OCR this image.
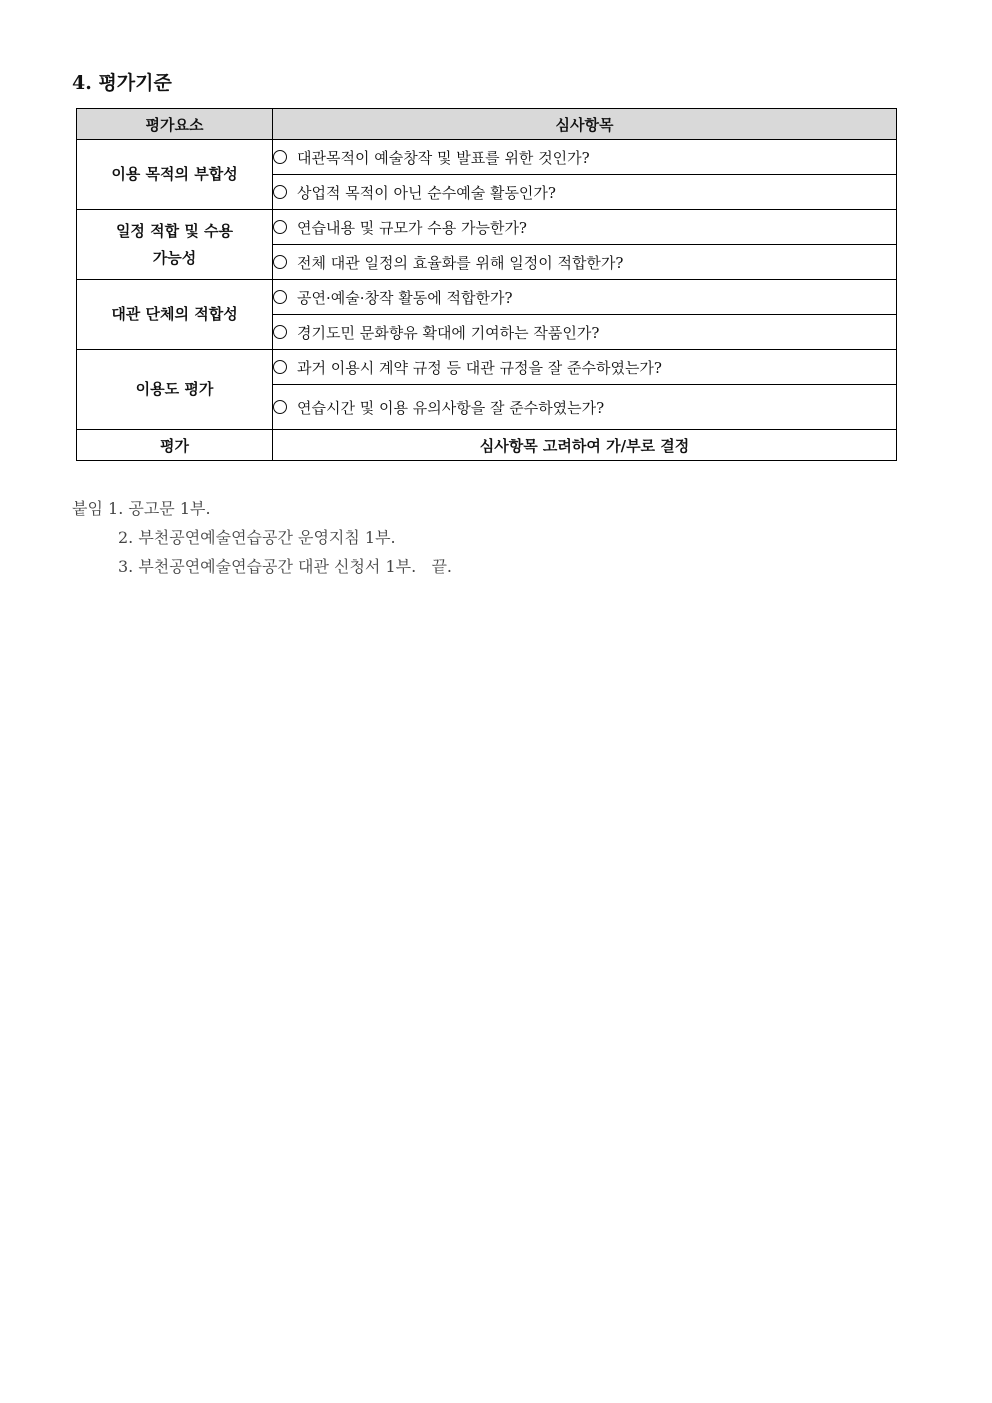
4. 평가기준
평가요소	심사항목
이용 목적의 부합성	대관목적이 예술창작 및 발표를 위한 것인가?
	상업적 목적이 아닌 순수예술 활동인가?
일정 적합 및 수용
가능성	연습내용 및 규모가 수용 가능한가?
	전체 대관 일정의 효율화를 위해 일정이 적합한가?
대관 단체의 적합성	공연·예술·창작 활동에 적합한가?
	경기도민 문화향유 확대에 기여하는 작품인가?
이용도 평가	과거 이용시 계약 규정 등 대관 규정을 잘 준수하였는가?
	연습시간 및 이용 유의사항을 잘 준수하였는가?
평가	심사항목 고려하여 가/부로 결정
붙임 1. 공고문 1부.
2. 부천공연예술연습공간 운영지침 1부.
3. 부천공연예술연습공간 대관 신청서 1부. 끝.
